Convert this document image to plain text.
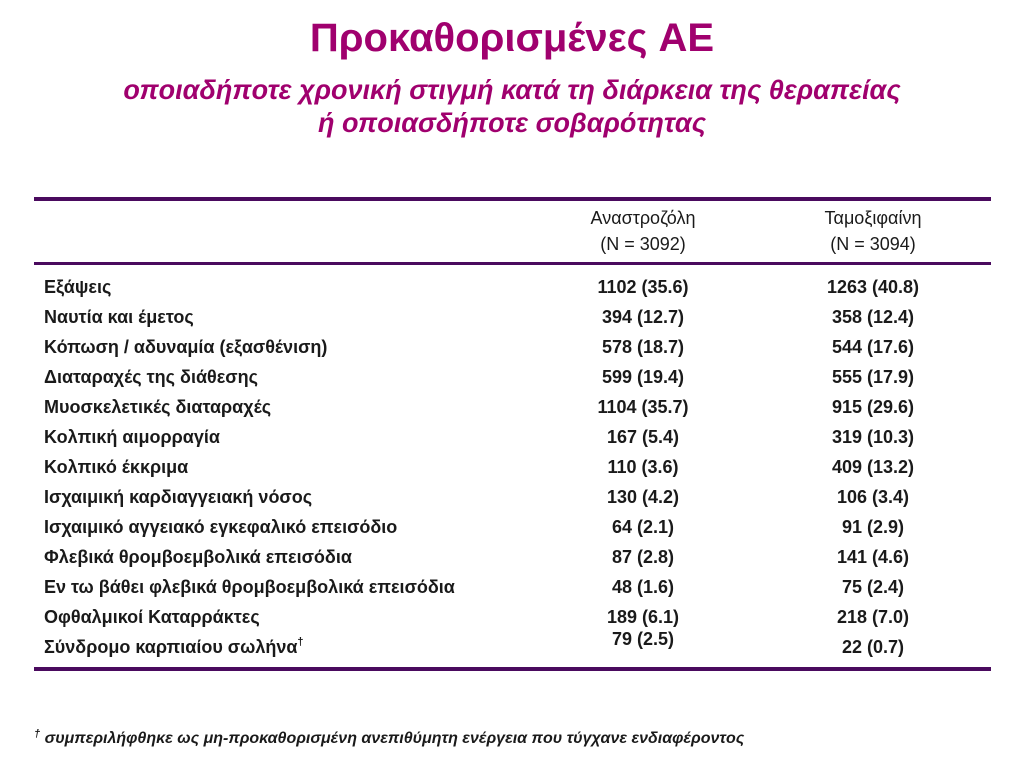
Προκαθορισμένες AE
οποιαδήποτε χρονική στιγμή κατά τη διάρκεια της θεραπείας
ή οποιασδήποτε σοβαρότητας
Αναστροζόλη
(N = 3092)
Ταμοξιφαίνη
(N = 3094)
Εξάψεις	1102 (35.6)	1263 (40.8)
Ναυτία και έμετος	394 (12.7)	358 (12.4)
Κόπωση / αδυναμία (εξασθένιση)	578 (18.7)	544 (17.6)
Διαταραχές της διάθεσης	599 (19.4)	555 (17.9)
Μυοσκελετικές διαταραχές	1104 (35.7)	915 (29.6)
Κολπική αιμορραγία	167 (5.4)	319 (10.3)
Κολπικό έκκριμα	110 (3.6)	409 (13.2)
Ισχαιμική καρδιαγγειακή νόσος	130 (4.2)	106 (3.4)
Ισχαιμικό αγγειακό εγκεφαλικό επεισόδιο	64 (2.1)	91 (2.9)
Φλεβικά θρομβοεμβολικά επεισόδια	87 (2.8)	141 (4.6)
Εν τω βάθει φλεβικά θρομβοεμβολικά επεισόδια	48 (1.6)	75 (2.4)
Οφθαλμικοί Καταρράκτες	189 (6.1)	218 (7.0)
Σύνδρομο καρπιαίου σωλήνα†	79 (2.5)	22 (0.7)
† συμπεριλήφθηκε ως μη-προκαθορισμένη ανεπιθύμητη ενέργεια που τύγχανε ενδιαφέροντος
